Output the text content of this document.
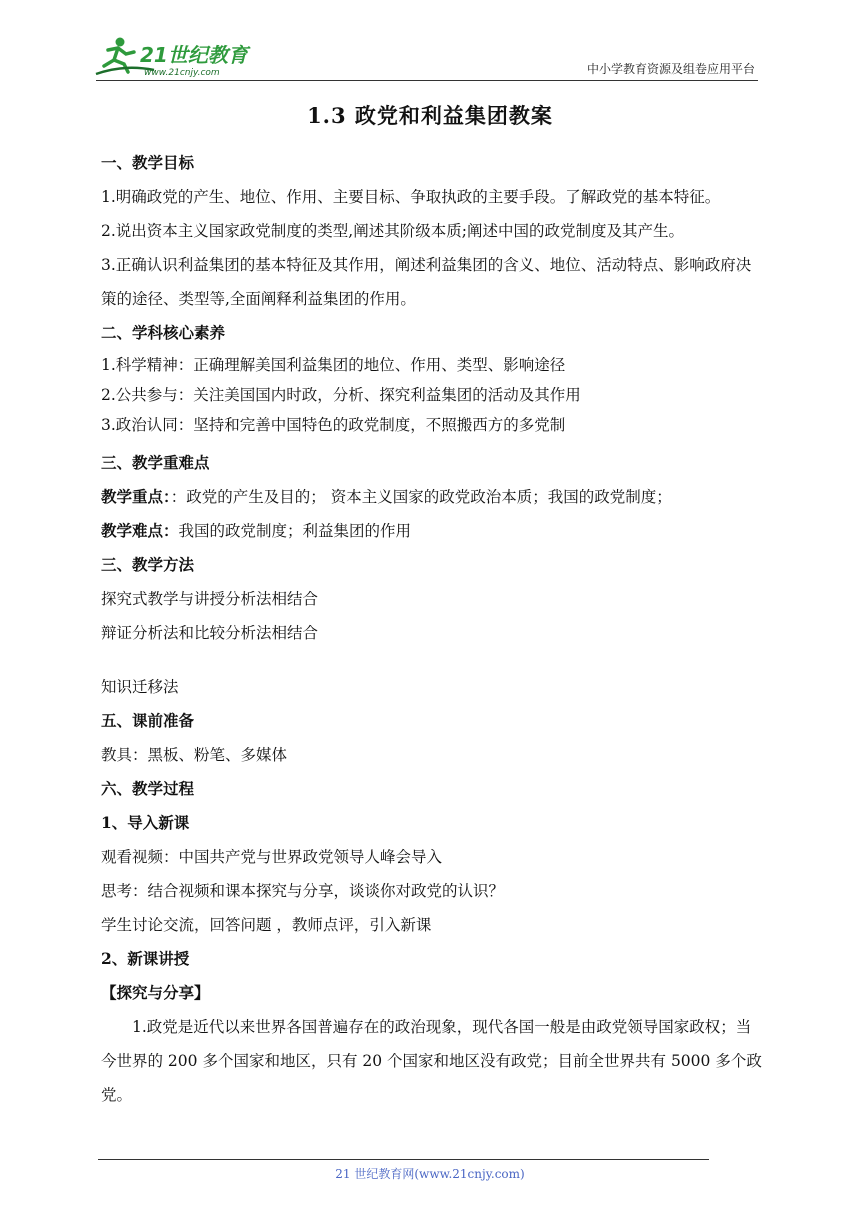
21世纪教育
www.21cnjy.com	中小学教育资源及组卷应用平台
1.3 政党和利益集团教案

一、教学目标

1.明确政党的产生、地位、作用、主要目标、争取执政的主要手段。了解政党的基本特征。

2.说出资本主义国家政党制度的类型,阐述其阶级本质;阐述中国的政党制度及其产生。

3.正确认识利益集团的基本特征及其作用，阐述利益集团的含义、地位、活动特点、影响政府决策的途径、类型等,全面阐释利益集团的作用。

二、学科核心素养

1.科学精神：正确理解美国利益集团的地位、作用、类型、影响途径

2.公共参与：关注美国国内时政，分析、探究利益集团的活动及其作用

3.政治认同：坚持和完善中国特色的政党制度，不照搬西方的多党制

三、教学重难点

教学重点：：政党的产生及目的； 资本主义国家的政党政治本质；我国的政党制度；

教学难点：我国的政党制度；利益集团的作用

三、教学方法

探究式教学与讲授分析法相结合

辩证分析法和比较分析法相结合

知识迁移法

五、课前准备

教具：黑板、粉笔、多媒体

六、教学过程

1、导入新课

观看视频：中国共产党与世界政党领导人峰会导入

思考：结合视频和课本探究与分享，谈谈你对政党的认识？

学生讨论交流，回答问题 ，教师点评，引入新课

2、新课讲授

【探究与分享】

1.政党是近代以来世界各国普遍存在的政治现象，现代各国一般是由政党领导国家政权；当今世界的 200 多个国家和地区，只有 20 个国家和地区没有政党；目前全世界共有 5000 多个政党。

21 世纪教育网(www.21cnjy.com)
